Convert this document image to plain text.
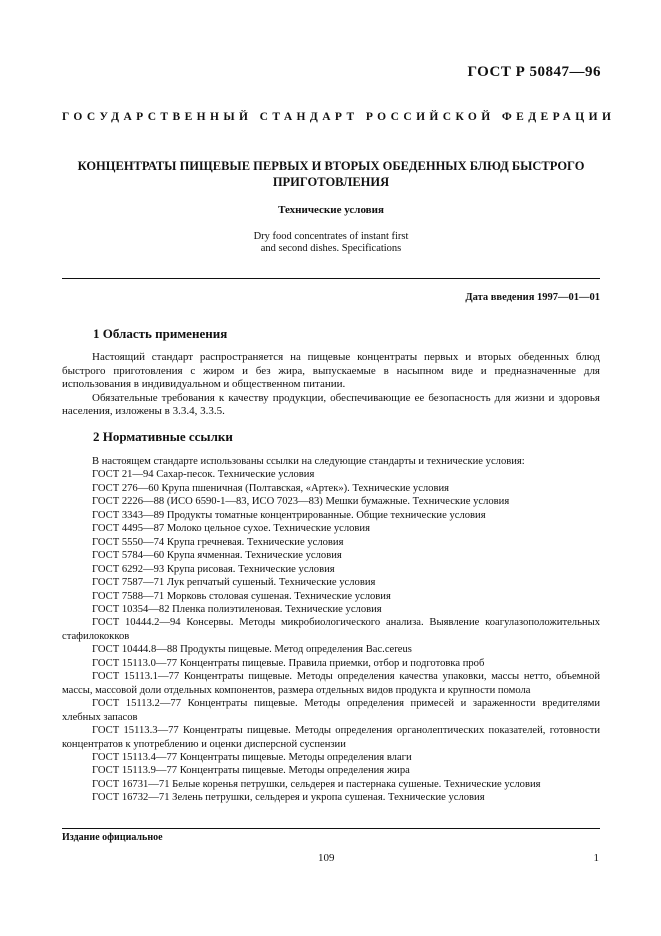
ГОСТ Р 50847—96
ГОСУДАРСТВЕННЫЙ СТАНДАРТ РОССИЙСКОЙ ФЕДЕРАЦИИ
КОНЦЕНТРАТЫ ПИЩЕВЫЕ ПЕРВЫХ И ВТОРЫХ ОБЕДЕННЫХ БЛЮД БЫСТРОГО
ПРИГОТОВЛЕНИЯ
Технические условия
Dry food concentrates of instant first
and second dishes. Specifications
Дата введения 1997—01—01
1 Область применения

Настоящий стандарт распространяется на пищевые концентраты первых и вторых обеденных блюд быстрого приготовления с жиром и без жира, выпускаемые в насыпном виде и предназначенные для использования в индивидуальном и общественном питании.

Обязательные требования к качеству продукции, обеспечивающие ее безопасность для жизни и здоровья населения, изложены в 3.3.4, 3.3.5.

2 Нормативные ссылки

В настоящем стандарте использованы ссылки на следующие стандарты и технические условия:

ГОСТ 21—94 Сахар-песок. Технические условия

ГОСТ 276—60 Крупа пшеничная (Полтавская, «Артек»). Технические условия

ГОСТ 2226—88 (ИСО 6590-1—83, ИСО 7023—83) Мешки бумажные. Технические условия

ГОСТ 3343—89 Продукты томатные концентрированные. Общие технические условия

ГОСТ 4495—87 Молоко цельное сухое. Технические условия

ГОСТ 5550—74 Крупа гречневая. Технические условия

ГОСТ 5784—60 Крупа ячменная. Технические условия

ГОСТ 6292—93 Крупа рисовая. Технические условия

ГОСТ 7587—71 Лук репчатый сушеный. Технические условия

ГОСТ 7588—71 Морковь столовая сушеная. Технические условия

ГОСТ 10354—82 Пленка полиэтиленовая. Технические условия

ГОСТ 10444.2—94 Консервы. Методы микробиологического анализа. Выявление коагулазоположительных стафилококков

ГОСТ 10444.8—88 Продукты пищевые. Метод определения Bac.cereus

ГОСТ 15113.0—77 Концентраты пищевые. Правила приемки, отбор и подготовка проб

ГОСТ 15113.1—77 Концентраты пищевые. Методы определения качества упаковки, массы нетто, объемной массы, массовой доли отдельных компонентов, размера отдельных видов продукта и крупности помола

ГОСТ 15113.2—77 Концентраты пищевые. Методы определения примесей и зараженности вредителями хлебных запасов

ГОСТ 15113.3—77 Концентраты пищевые. Методы определения органолептических показателей, готовности концентратов к употреблению и оценки дисперсной суспензии

ГОСТ 15113.4—77 Концентраты пищевые. Методы определения влаги

ГОСТ 15113.9—77 Концентраты пищевые. Методы определения жира

ГОСТ 16731—71 Белые коренья петрушки, сельдерея и пастернака сушеные. Технические условия

ГОСТ 16732—71 Зелень петрушки, сельдерея и укропа сушеная. Технические условия

Издание официальное
109	1
